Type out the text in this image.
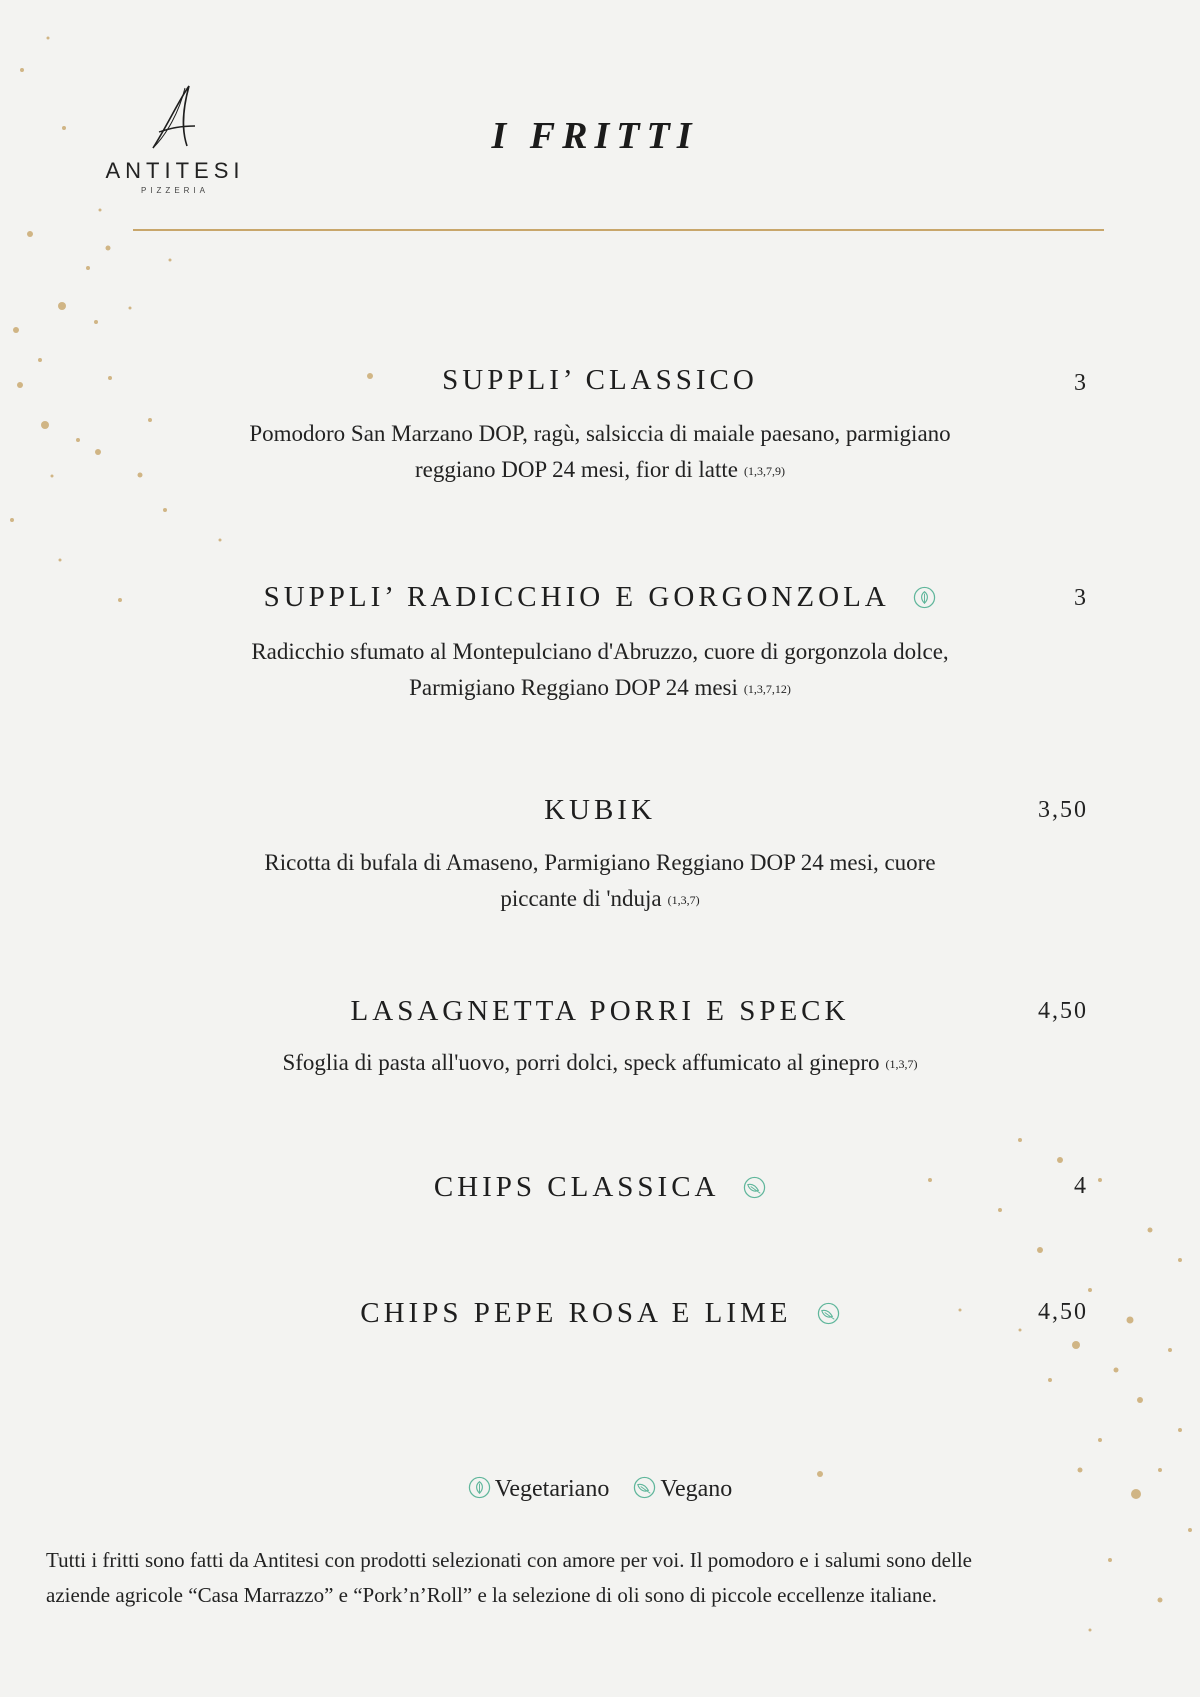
ANTITESI
PIZZERIA
I FRITTI
SUPPLI’ CLASSICO	3
Pomodoro San Marzano DOP, ragù, salsiccia di maiale paesano, parmigiano
reggiano DOP 24 mesi, fior di latte (1,3,7,9)
SUPPLI’ RADICCHIO E GORGONZOLA	3
Radicchio sfumato al Montepulciano d'Abruzzo, cuore di gorgonzola dolce,
Parmigiano Reggiano DOP 24 mesi (1,3,7,12)
KUBIK	3,50
Ricotta di bufala di Amaseno, Parmigiano Reggiano DOP 24 mesi, cuore
piccante di 'nduja (1,3,7)
LASAGNETTA PORRI E SPECK	4,50
Sfoglia di pasta all'uovo, porri dolci, speck affumicato al ginepro (1,3,7)
CHIPS CLASSICA	4
CHIPS PEPE ROSA E LIME	4,50
Vegetariano Vegano
Tutti i fritti sono fatti da Antitesi con prodotti selezionati con amore per voi. Il pomodoro e i salumi sono delle
aziende agricole “Casa Marrazzo” e “Pork’n’Roll” e la selezione di oli sono di piccole eccellenze italiane.
